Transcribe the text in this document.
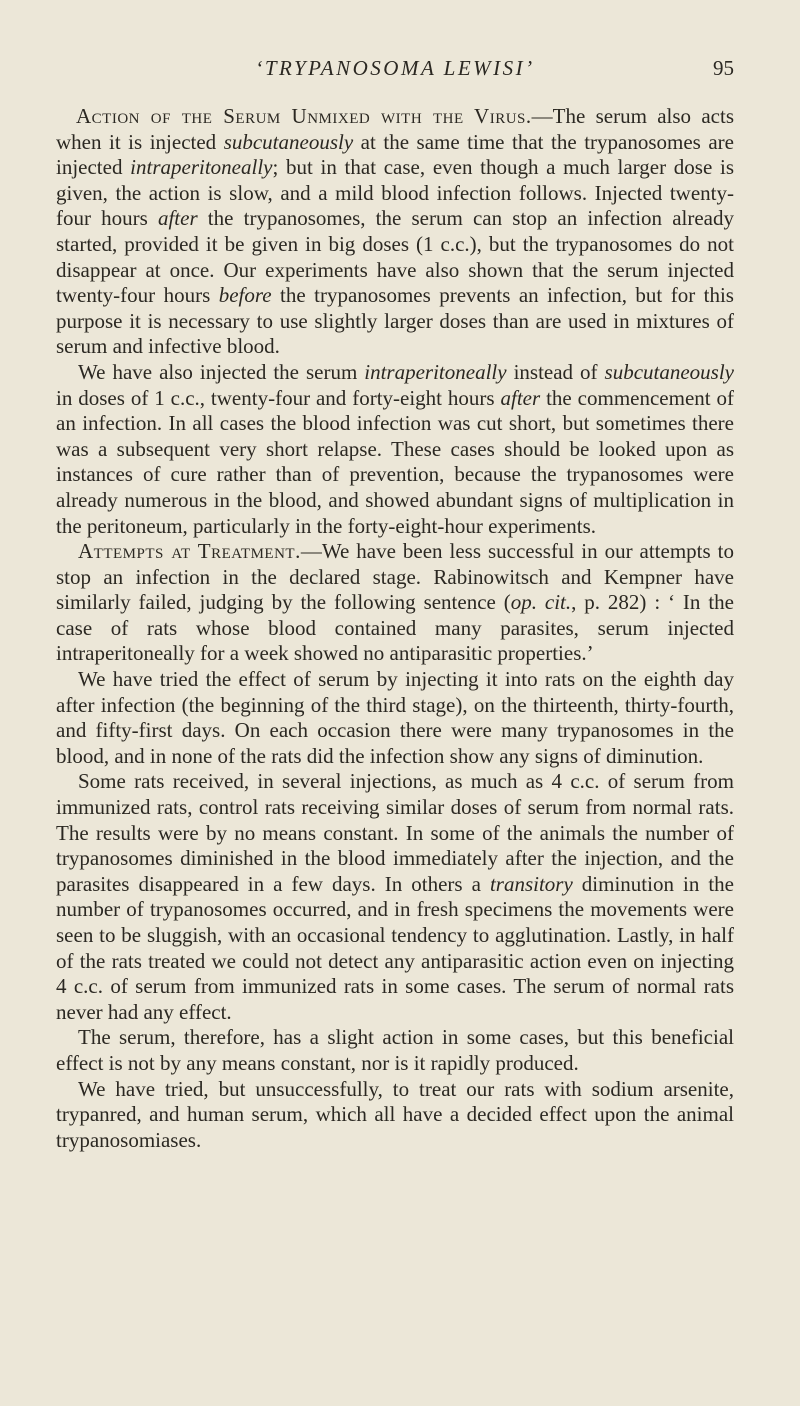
‘TRYPANOSOMA LEWISI’	95

Action of the Serum Unmixed with the Virus.—The serum also acts when it is injected subcutaneously at the same time that the trypanosomes are injected intraperitoneally; but in that case, even though a much larger dose is given, the action is slow, and a mild blood infection follows. Injected twenty-four hours after the trypanosomes, the serum can stop an infection already started, provided it be given in big doses (1 c.c.), but the trypanosomes do not disappear at once. Our experiments have also shown that the serum injected twenty-four hours before the trypanosomes prevents an infection, but for this purpose it is necessary to use slightly larger doses than are used in mixtures of serum and infective blood.

We have also injected the serum intraperitoneally instead of subcutaneously in doses of 1 c.c., twenty-four and forty-eight hours after the commencement of an infection. In all cases the blood infection was cut short, but sometimes there was a subsequent very short relapse. These cases should be looked upon as instances of cure rather than of prevention, because the trypanosomes were already numerous in the blood, and showed abundant signs of multiplication in the peritoneum, particularly in the forty-eight-hour experiments.

Attempts at Treatment.—We have been less successful in our attempts to stop an infection in the declared stage. Rabinowitsch and Kempner have similarly failed, judging by the following sentence (op. cit., p. 282) : ‘ In the case of rats whose blood contained many parasites, serum injected intraperitoneally for a week showed no antiparasitic properties.’

We have tried the effect of serum by injecting it into rats on the eighth day after infection (the beginning of the third stage), on the thirteenth, thirty-fourth, and fifty-first days. On each occasion there were many trypanosomes in the blood, and in none of the rats did the infection show any signs of diminution.

Some rats received, in several injections, as much as 4 c.c. of serum from immunized rats, control rats receiving similar doses of serum from normal rats. The results were by no means constant. In some of the animals the number of trypanosomes diminished in the blood immediately after the injection, and the parasites disappeared in a few days. In others a transitory diminution in the number of trypanosomes occurred, and in fresh specimens the movements were seen to be sluggish, with an occasional tendency to agglutination. Lastly, in half of the rats treated we could not detect any antiparasitic action even on injecting 4 c.c. of serum from immunized rats in some cases. The serum of normal rats never had any effect.

The serum, therefore, has a slight action in some cases, but this beneficial effect is not by any means constant, nor is it rapidly produced.

We have tried, but unsuccessfully, to treat our rats with sodium arsenite, trypanred, and human serum, which all have a decided effect upon the animal trypanosomiases.
